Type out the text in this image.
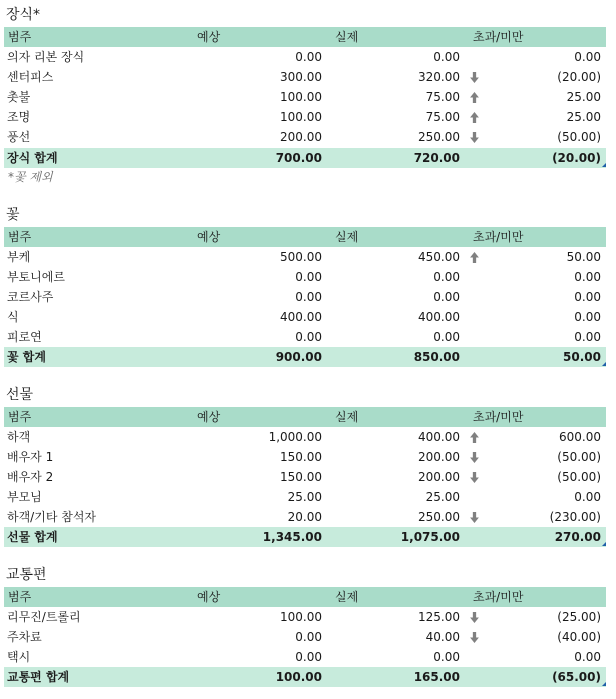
장식*
범주	예상	실제	초과/미만
의자 리본 장식	0.00	0.00	0.00
센터피스	300.00	320.00	(20.00)
촛불	100.00	75.00	25.00
조명	100.00	75.00	25.00
풍선	200.00	250.00	(50.00)
장식 합계	700.00	720.00	(20.00)
*꽃 제외
꽃
범주	예상	실제	초과/미만
부케	500.00	450.00	50.00
부토니에르	0.00	0.00	0.00
코르사주	0.00	0.00	0.00
식	400.00	400.00	0.00
피로연	0.00	0.00	0.00
꽃 합계	900.00	850.00	50.00
선물
범주	예상	실제	초과/미만
하객	1,000.00	400.00	600.00
배우자 1	150.00	200.00	(50.00)
배우자 2	150.00	200.00	(50.00)
부모님	25.00	25.00	0.00
하객/기타 참석자	20.00	250.00	(230.00)
선물 합계	1,345.00	1,075.00	270.00
교통편
범주	예상	실제	초과/미만
리무진/트롤리	100.00	125.00	(25.00)
주차료	0.00	40.00	(40.00)
택시	0.00	0.00	0.00
교통편 합계	100.00	165.00	(65.00)
